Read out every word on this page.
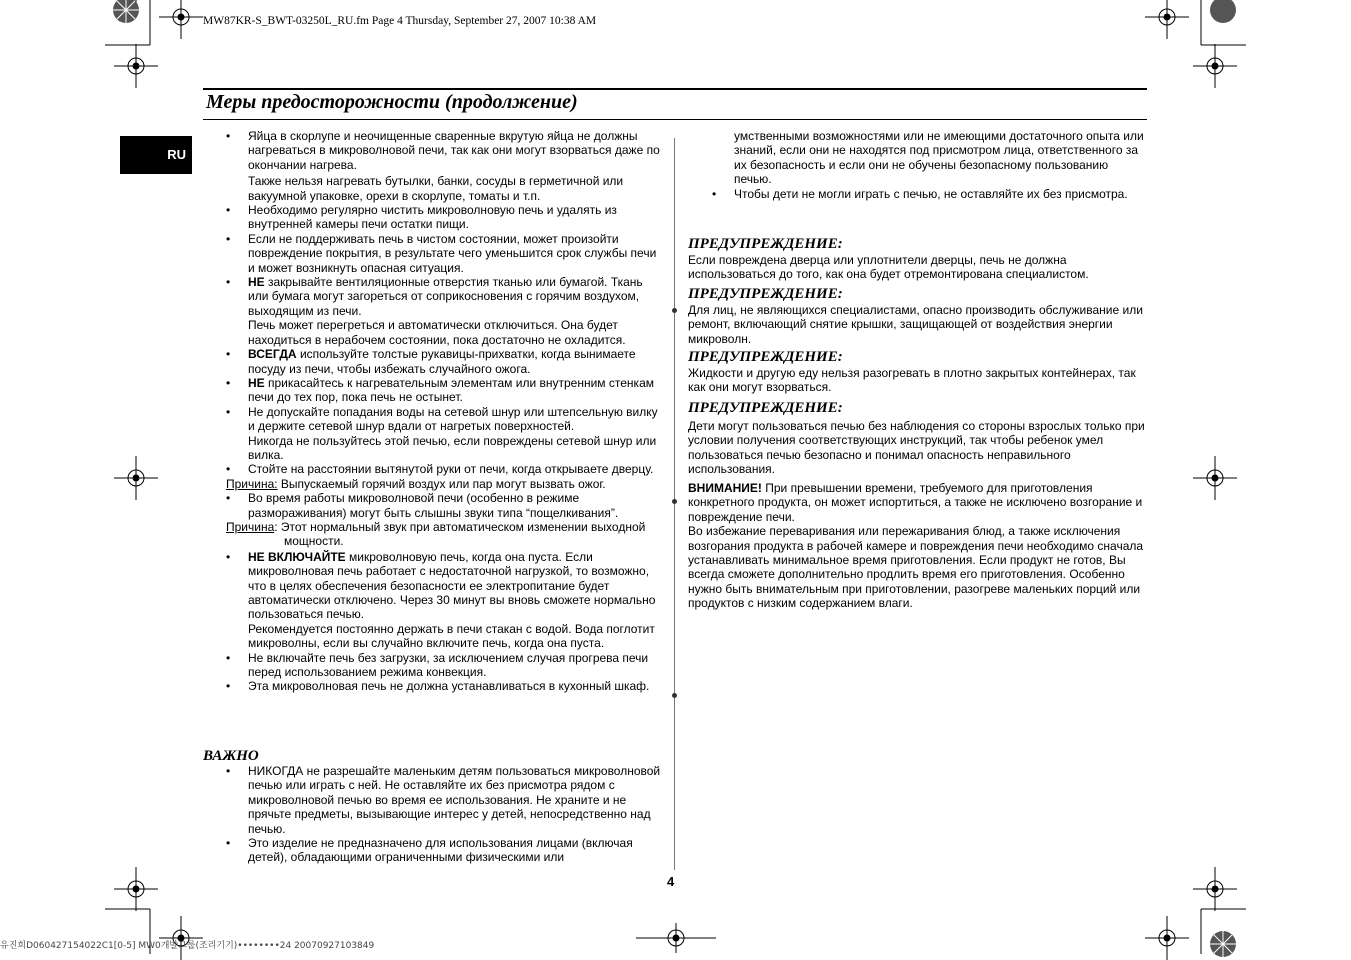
MW87KR-S_BWT-03250L_RU.fm Page 4 Thursday, September 27, 2007 10:38 AM
Меры предосторожности (продолжение)
RU
• Яйца в скорлупе и неочищенные сваренные вкрутую яйца не должны нагреваться в микроволновой печи, так как они могут взорваться даже по окончании нагрева.
Также нельзя нагревать бутылки, банки, сосуды в герметичной или вакуумной упаковке, орехи в скорлупе, томаты и т.п.
• Необходимо регулярно чистить микроволновую печь и удалять из внутренней камеры печи остатки пищи.
• Если не поддерживать печь в чистом состоянии, может произойти повреждение покрытия, в результате чего уменьшится срок службы печи и может возникнуть опасная ситуация.
• НЕ закрывайте вентиляционные отверстия тканью или бумагой. Ткань или бумага могут загореться от соприкосновения с горячим воздухом, выходящим из печи.
Печь может перегреться и автоматически отключиться. Она будет находиться в нерабочем состоянии, пока достаточно не охладится.
• ВСЕГДА используйте толстые рукавицы-прихватки, когда вынимаете посуду из печи, чтобы избежать случайного ожога.
• НЕ прикасайтесь к нагревательным элементам или внутренним стенкам печи до тех пор, пока печь не остынет.
• Не допускайте попадания воды на сетевой шнур или штепсельную вилку и держите сетевой шнур вдали от нагретых поверхностей.
Никогда не пользуйтесь этой печью, если повреждены сетевой шнур или вилка.
• Стойте на расстоянии вытянутой руки от печи, когда открываете дверцу.
Причина: Выпускаемый горячий воздух или пар могут вызвать ожог.
• Во время работы микроволновой печи (особенно в режиме размораживания) могут быть слышны звуки типа “пощелкивания”.
Причина: Этот нормальный звук при автоматическом изменении выходной мощности.
• НЕ ВКЛЮЧАЙТЕ микроволновую печь, когда она пуста. Если микроволновая печь работает с недостаточной нагрузкой, то возможно, что в целях обеспечения безопасности ее электропитание будет автоматически отключено. Через 30 минут вы вновь сможете нормально пользоваться печью.
Рекомендуется постоянно держать в печи стакан с водой. Вода поглотит микроволны, если вы случайно включите печь, когда она пуста.
• Не включайте печь без загрузки, за исключением случая прогрева печи перед использованием режима конвекция.
• Эта микроволновая печь не должна устанавливаться в кухонный шкаф.
ВАЖНО
• НИКОГДА не разрешайте маленьким детям пользоваться микроволновой печью или играть с ней. Не оставляйте их без присмотра рядом с микроволновой печью во время ее использования. Не храните и не прячьте предметы, вызывающие интерес у детей, непосредственно над печью.
• Это изделие не предназначено для использования лицами (включая детей), обладающими ограниченными физическими или
умственными возможностями или не имеющими достаточного опыта или знаний, если они не находятся под присмотром лица, ответственного за их безопасность и если они не обучены безопасному пользованию печью.
• Чтобы дети не могли играть с печью, не оставляйте их без присмотра.
ПРЕДУПРЕЖДЕНИЕ:
Если повреждена дверца или уплотнители дверцы, печь не должна использоваться до того, как она будет отремонтирована специалистом.
ПРЕДУПРЕЖДЕНИЕ:
Для лиц, не являющихся специалистами, опасно производить обслуживание или ремонт, включающий снятие крышки, защищающей от воздействия энергии микроволн.
ПРЕДУПРЕЖДЕНИЕ:
Жидкости и другую еду нельзя разогревать в плотно закрытых контейнерах, так как они могут взорваться.
ПРЕДУПРЕЖДЕНИЕ:
Дети могут пользоваться печью без наблюдения со стороны взрослых только при условии получения соответствующих инструкций, так чтобы ребенок умел пользоваться печью безопасно и понимал опасность неправильного использования.
ВНИМАНИЕ! При превышении времени, требуемого для приготовления конкретного продукта, он может испортиться, а также не исключено возгорание и повреждение печи.
Во избежание переваривания или пережаривания блюд, а также исключения возгорания продукта в рабочей камере и повреждения печи необходимо сначала устанавливать минимальное время приготовления. Если продукт не готов, Вы всегда сможете дополнительно продлить время его приготовления. Особенно нужно быть внимательным при приготовлении, разогреве маленьких порций или продуктов с низким содержанием влаги.
4
유진희D060427154022C1[0-5] MW0개발그룹(조리기기)••••••••24 20070927103849
